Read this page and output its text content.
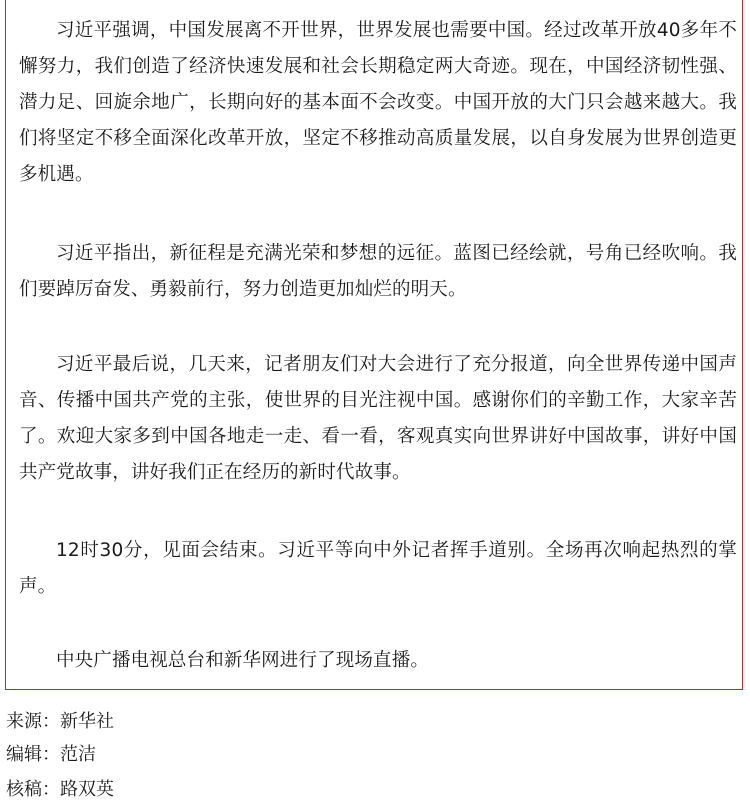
习近平强调，中国发展离不开世界，世界发展也需要中国。经过改革开放40多年不懈努力，我们创造了经济快速发展和社会长期稳定两大奇迹。现在，中国经济韧性强、潜力足、回旋余地广，长期向好的基本面不会改变。中国开放的大门只会越来越大。我们将坚定不移全面深化改革开放，坚定不移推动高质量发展，以自身发展为世界创造更多机遇。

习近平指出，新征程是充满光荣和梦想的远征。蓝图已经绘就，号角已经吹响。我们要踔厉奋发、勇毅前行，努力创造更加灿烂的明天。

习近平最后说，几天来，记者朋友们对大会进行了充分报道，向全世界传递中国声音、传播中国共产党的主张，使世界的目光注视中国。感谢你们的辛勤工作，大家辛苦了。欢迎大家多到中国各地走一走、看一看，客观真实向世界讲好中国故事，讲好中国共产党故事，讲好我们正在经历的新时代故事。

12时30分，见面会结束。习近平等向中外记者挥手道别。全场再次响起热烈的掌声。

中央广播电视总台和新华网进行了现场直播。

来源：新华社
编辑：范洁
核稿：路双英
